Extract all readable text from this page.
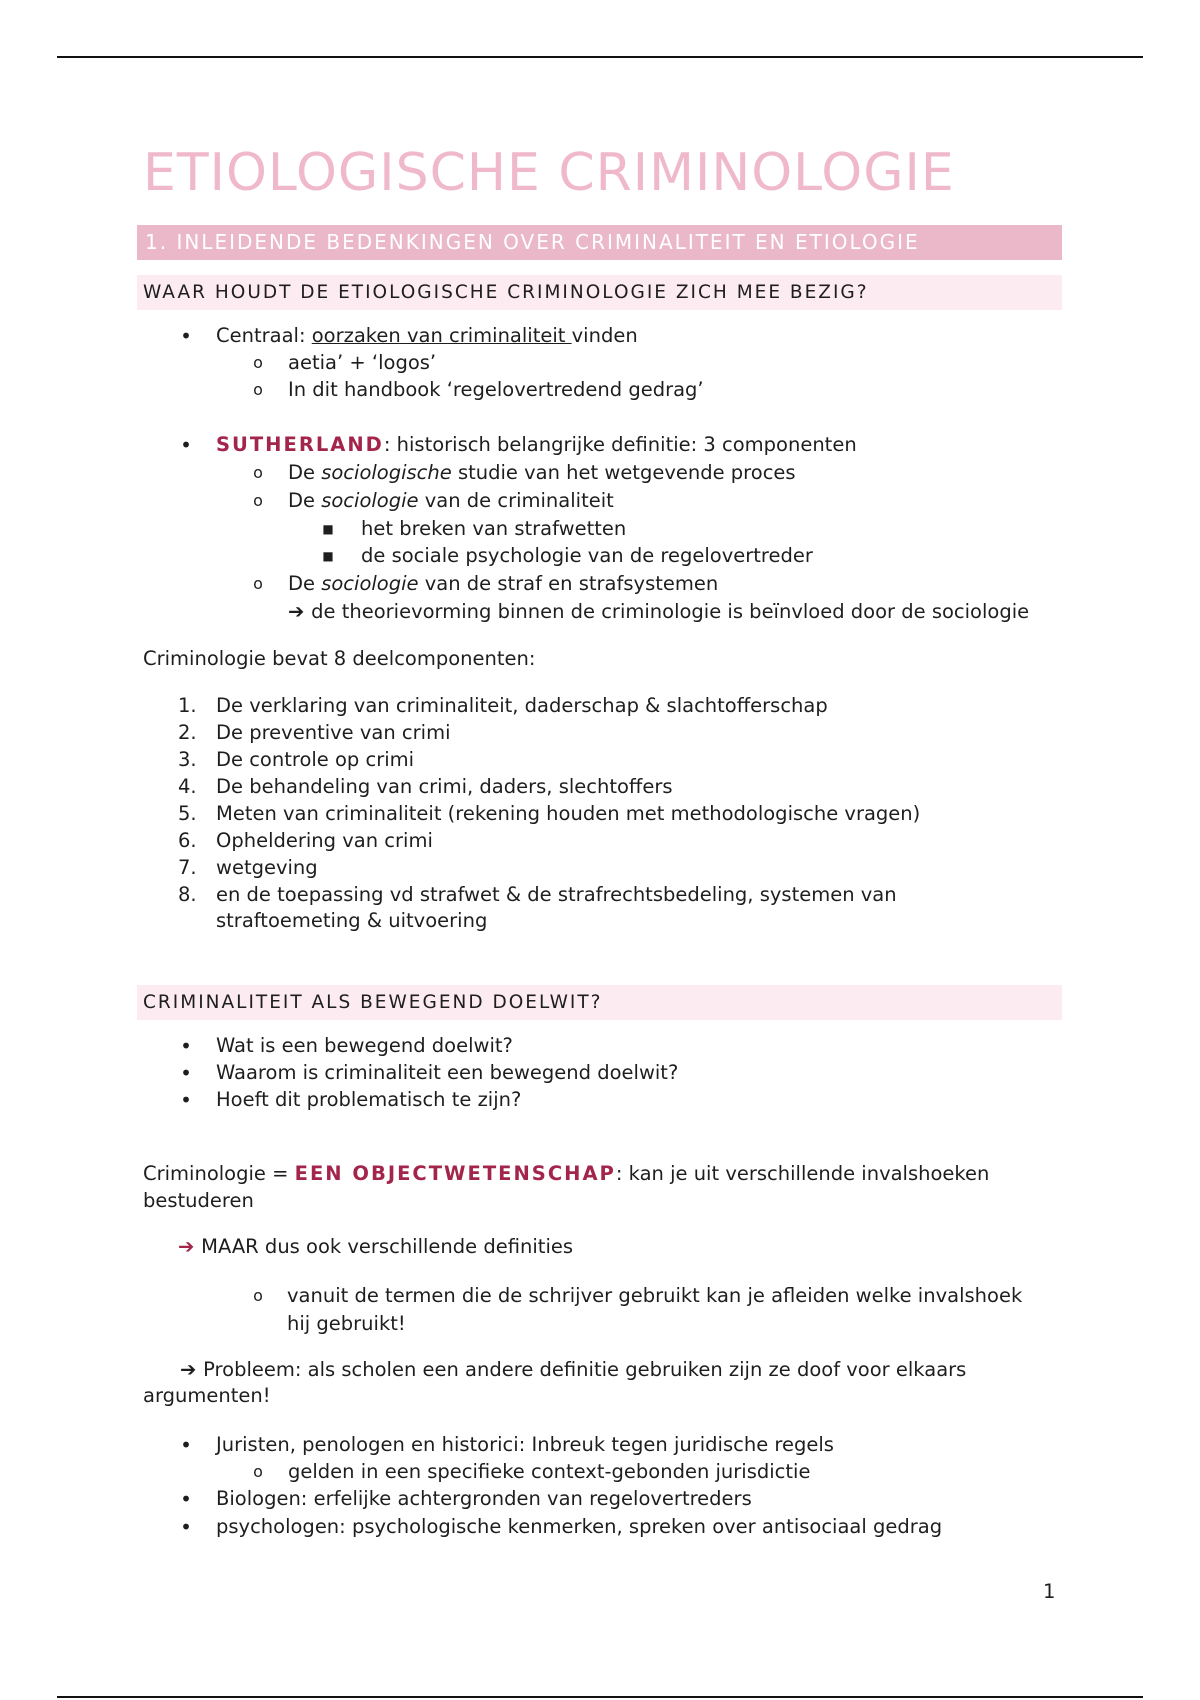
ETIOLOGISCHE CRIMINOLOGIE
1. INLEIDENDE BEDENKINGEN OVER CRIMINALITEIT EN ETIOLOGIE
WAAR HOUDT DE ETIOLOGISCHE CRIMINOLOGIE ZICH MEE BEZIG?
• Centraal: oorzaken van criminaliteit vinden
o aetia’ + ‘logos’
o In dit handbook ‘regelovertredend gedrag’
• SUTHERLAND: historisch belangrijke definitie: 3 componenten
o De sociologische studie van het wetgevende proces
o De sociologie van de criminaliteit
■ het breken van strafwetten
■ de sociale psychologie van de regelovertreder
o De sociologie van de straf en strafsystemen
➔ de theorievorming binnen de criminologie is beïnvloed door de sociologie
Criminologie bevat 8 deelcomponenten:
1. De verklaring van criminaliteit, daderschap & slachtofferschap
2. De preventive van crimi
3. De controle op crimi
4. De behandeling van crimi, daders, slechtoffers
5. Meten van criminaliteit (rekening houden met methodologische vragen)
6. Opheldering van crimi
7. wetgeving
8. en de toepassing vd strafwet & de strafrechtsbedeling, systemen van
straftoemeting & uitvoering
CRIMINALITEIT ALS BEWEGEND DOELWIT?
• Wat is een bewegend doelwit?
• Waarom is criminaliteit een bewegend doelwit?
• Hoeft dit problematisch te zijn?
Criminologie = EEN OBJECTWETENSCHAP: kan je uit verschillende invalshoeken
bestuderen
➔ MAAR dus ook verschillende definities
o vanuit de termen die de schrijver gebruikt kan je afleiden welke invalshoek
hij gebruikt!
➔ Probleem: als scholen een andere definitie gebruiken zijn ze doof voor elkaars
argumenten!
• Juristen, penologen en historici: Inbreuk tegen juridische regels
o gelden in een specifieke context-gebonden jurisdictie
• Biologen: erfelijke achtergronden van regelovertreders
• psychologen: psychologische kenmerken, spreken over antisociaal gedrag
1
